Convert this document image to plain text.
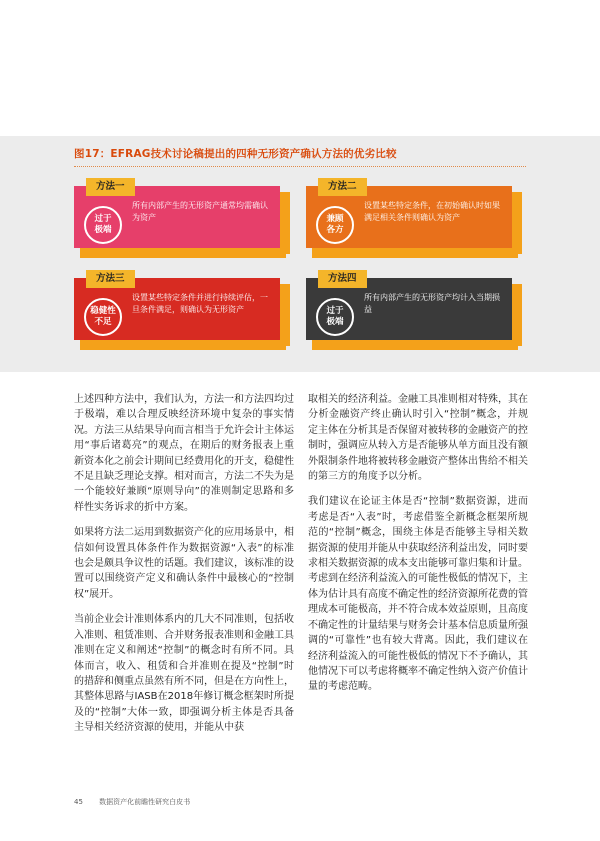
图17：EFRAG技术讨论稿提出的四种无形资产确认方法的优劣比较
方法一
过于
极端
所有内部产生的无形资产通常均需确认为资产
方法二
兼顾
各方
设置某些特定条件，在初始确认时如果满足相关条件则确认为资产
方法三
稳健性
不足
设置某些特定条件并进行持续评估，一旦条件满足，则确认为无形资产
方法四
过于
极端
所有内部产生的无形资产均计入当期损益

上述四种方法中，我们认为，方法一和方法四均过于极端，难以合理反映经济环境中复杂的事实情况。方法三从结果导向而言相当于允许会计主体运用“事后诸葛亮”的观点，在期后的财务报表上重新资本化之前会计期间已经费用化的开支，稳健性不足且缺乏理论支撑。相对而言，方法二不失为是一个能较好兼顾“原则导向”的准则制定思路和多样性实务诉求的折中方案。

如果将方法二运用到数据资产化的应用场景中，相信如何设置具体条件作为数据资源“入表”的标准也会是颇具争议性的话题。我们建议，该标准的设置可以围绕资产定义和确认条件中最核心的“控制权”展开。

当前企业会计准则体系内的几大不同准则，包括收入准则、租赁准则、合并财务报表准则和金融工具准则在定义和阐述“控制”的概念时有所不同。具体而言，收入、租赁和合并准则在提及“控制”时的措辞和侧重点虽然有所不同，但是在方向性上，其整体思路与IASB在2018年修订概念框架时所提及的“控制”大体一致，即强调分析主体是否具备主导相关经济资源的使用，并能从中获

取相关的经济利益。金融工具准则相对特殊，其在分析金融资产终止确认时引入“控制”概念，并规定主体在分析其是否保留对被转移的金融资产的控制时，强调应从转入方是否能够从单方面且没有额外限制条件地将被转移金融资产整体出售给不相关的第三方的角度予以分析。

我们建议在论证主体是否“控制”数据资源，进而考虑是否“入表”时，考虑借鉴全新概念框架所规范的“控制”概念，围绕主体是否能够主导相关数据资源的使用并能从中获取经济利益出发，同时要求相关数据资源的成本支出能够可靠归集和计量。考虑到在经济利益流入的可能性极低的情况下，主体为估计具有高度不确定性的经济资源所花费的管理成本可能极高，并不符合成本效益原则，且高度不确定性的计量结果与财务会计基本信息质量所强调的“可靠性”也有较大背离。因此，我们建议在经济利益流入的可能性极低的情况下不予确认，其他情况下可以考虑将概率不确定性纳入资产价值计量的考虑范畴。

45 数据资产化前瞻性研究白皮书
